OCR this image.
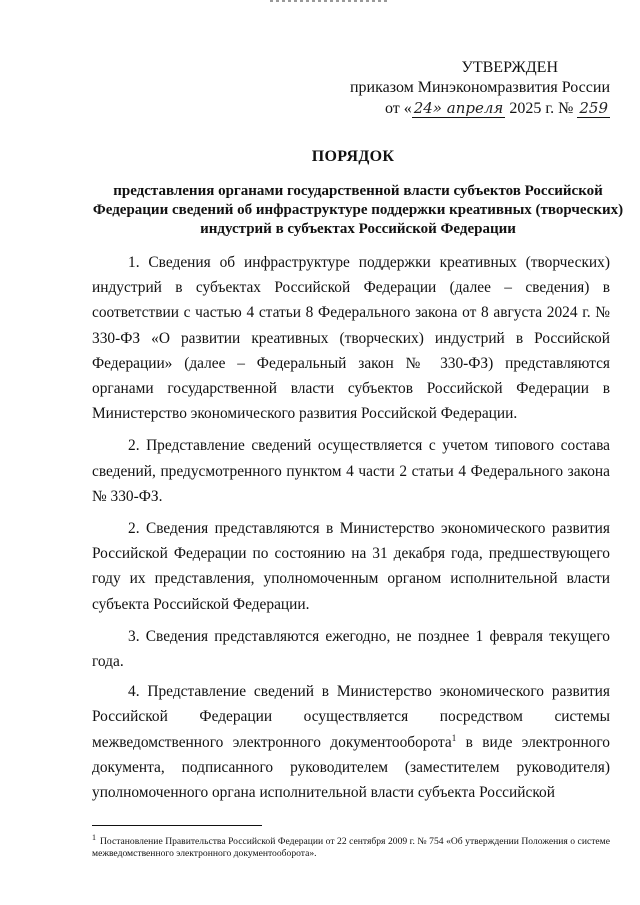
УТВЕРЖДЕН
приказом Минэкономразвития России
от « 24» апреля 2025 г. № 259
ПОРЯДОК
представления органами государственной власти субъектов Российской Федерации сведений об инфраструктуре поддержки креативных (творческих) индустрий в субъектах Российской Федерации

1. Сведения об инфраструктуре поддержки креативных (творческих) индустрий в субъектах Российской Федерации (далее – сведения) в соответствии с частью 4 статьи 8 Федерального закона от 8 августа 2024 г. № 330-ФЗ «О развитии креативных (творческих) индустрий в Российской Федерации» (далее – Федеральный закон № 330-ФЗ) представляются органами государственной власти субъектов Российской Федерации в Министерство экономического развития Российской Федерации.

2. Представление сведений осуществляется с учетом типового состава сведений, предусмотренного пунктом 4 части 2 статьи 4 Федерального закона № 330-ФЗ.

2. Сведения представляются в Министерство экономического развития Российской Федерации по состоянию на 31 декабря года, предшествующего году их представления, уполномоченным органом исполнительной власти субъекта Российской Федерации.

3. Сведения представляются ежегодно, не позднее 1 февраля текущего года.

4. Представление сведений в Министерство экономического развития Российской Федерации осуществляется посредством системы межведомственного электронного документооборота$^1$ в виде электронного документа, подписанного руководителем (заместителем руководителя) уполномоченного органа исполнительной власти субъекта Российской

$^1$ Постановление Правительства Российской Федерации от 22 сентября 2009 г. № 754 «Об утверждении Положения о системе межведомственного электронного документооборота».
